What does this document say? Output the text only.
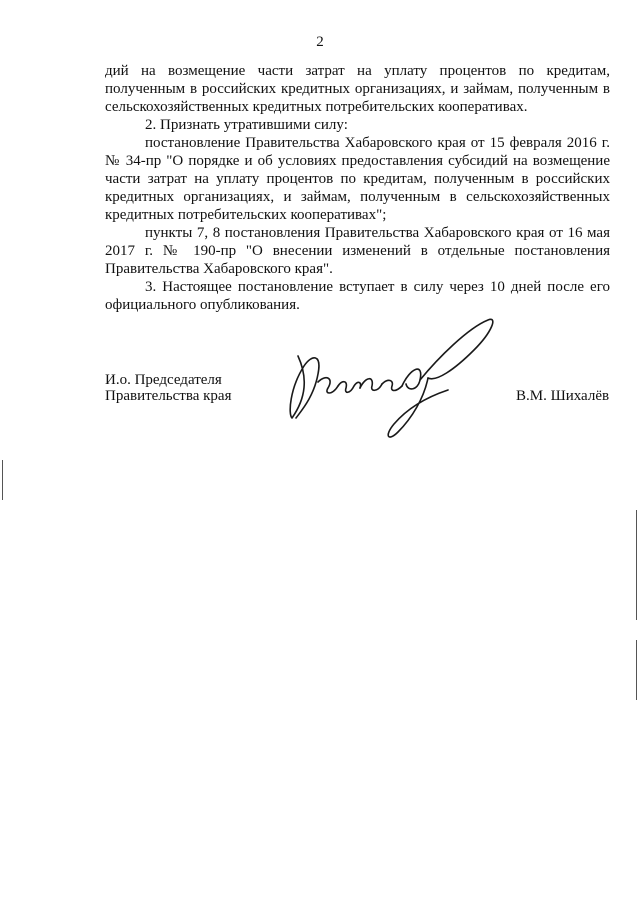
2

дий на возмещение части затрат на уплату процентов по кредитам, полученным в российских кредитных организациях, и займам, полученным в сельскохозяйственных кредитных потребительских кооперативах.

2. Признать утратившими силу:

постановление Правительства Хабаровского края от 15 февраля 2016 г. № 34-пр "О порядке и об условиях предоставления субсидий на возмещение части затрат на уплату процентов по кредитам, полученным в российских кредитных организациях, и займам, полученным в сельскохозяйственных кредитных потребительских кооперативах";

пункты 7, 8 постановления Правительства Хабаровского края от 16 мая 2017 г. № 190-пр "О внесении изменений в отдельные постановления Правительства Хабаровского края".

3. Настоящее постановление вступает в силу через 10 дней после его официального опубликования.

И.о. Председателя
Правительства края	В.М. Шихалёв
